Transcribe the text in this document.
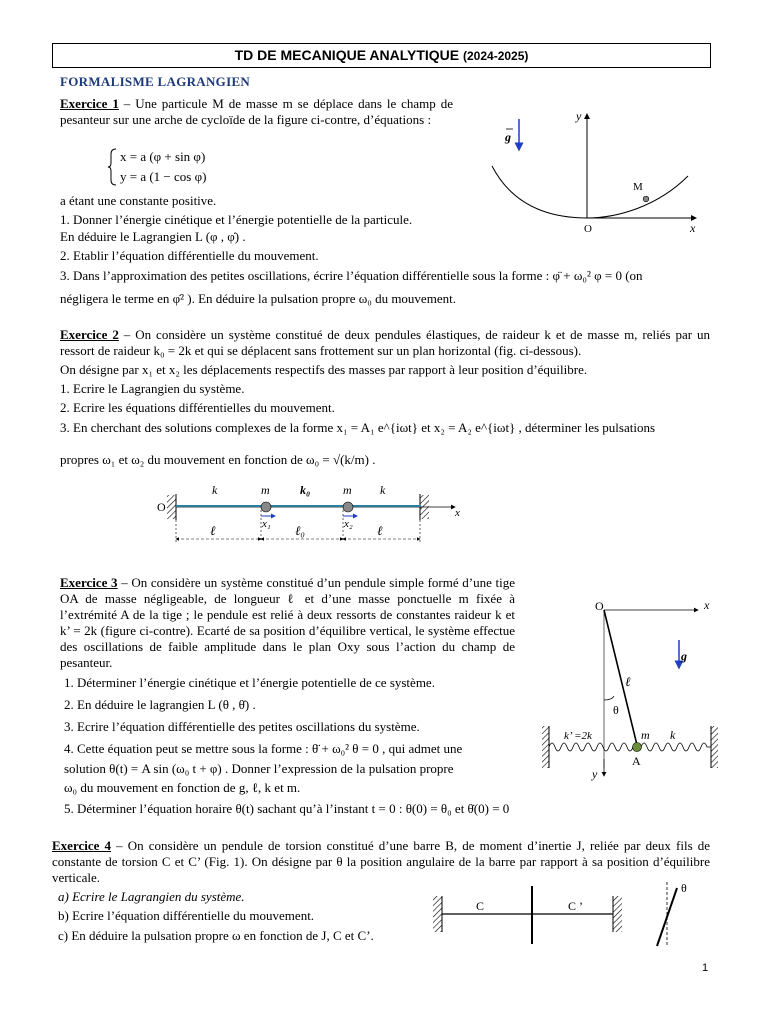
TD DE MECANIQUE ANALYTIQUE (2024-2025)
FORMALISME LAGRANGIEN
Exercice 1 – Une particule M de masse m se déplace dans le champ de pesanteur sur une arche de cycloïde de la figure ci-contre, d’équations :
x = a (φ + sin φ)
y = a (1 − cos φ)
a étant une constante positive.
1. Donner l’énergie cinétique et l’énergie potentielle de la particule.
En déduire le Lagrangien L (φ , φ̇) .
2. Etablir l’équation différentielle du mouvement.
3. Dans l’approximation des petites oscillations, écrire l’équation différentielle sous la forme : φ̈ + ω₀² φ = 0 (on
négligera le terme en φ̇² ). En déduire la pulsation propre ω₀ du mouvement.
y
x
O
M
g
Exercice 2 – On considère un système constitué de deux pendules élastiques, de raideur k et de masse m, reliés par un ressort de raideur k₀ = 2k et qui se déplacent sans frottement sur un plan horizontal (fig. ci-dessous).
On désigne par x₁ et x₂ les déplacements respectifs des masses par rapport à leur position d’équilibre.
1. Ecrire le Lagrangien du système.
2. Ecrire les équations différentielles du mouvement.
3. En cherchant des solutions complexes de la forme x₁ = A₁ e^{iωt} et x₂ = A₂ e^{iωt} , déterminer les pulsations
propres ω₁ et ω₂ du mouvement en fonction de ω₀ = √(k/m) .
k	m	k₀	m k
O	x
x₁	x₂
ℓ	ℓ₀	ℓ
Exercice 3 – On considère un système constitué d’un pendule simple formé d’une tige OA de masse négligeable, de longueur ℓ et d’une masse ponctuelle m fixée à l’extrémité A de la tige ; le pendule est relié à deux ressorts de constantes raideur k et k’ = 2k (figure ci-contre). Ecarté de sa position d’équilibre vertical, le système effectue des oscillations de faible amplitude dans le plan Oxy sous l’action du champ de pesanteur.
1. Déterminer l’énergie cinétique et l’énergie potentielle de ce système.
2. En déduire le lagrangien L (θ , θ̇) .
3. Ecrire l’équation différentielle des petites oscillations du système.
4. Cette équation peut se mettre sous la forme : θ̈ + ω₀² θ = 0 , qui admet une
solution θ(t) = A sin (ω₀ t + φ) . Donner l’expression de la pulsation propre
ω₀ du mouvement en fonction de g, ℓ, k et m.
5. Déterminer l’équation horaire θ(t) sachant qu’à l’instant t = 0 : θ(0) = θ₀ et θ̇(0) = 0
O	x
θ
ℓ
g
k’ =2k	m k
A
y
Exercice 4 – On considère un pendule de torsion constitué d’une barre B, de moment d’inertie J, reliée par deux fils de constante de torsion C et C’ (Fig. 1). On désigne par θ la position angulaire de la barre par rapport à sa position d’équilibre verticale.
a) Ecrire le Lagrangien du système.
b) Ecrire l’équation différentielle du mouvement.
c) En déduire la pulsation propre ω en fonction de J, C et C’.
C	C ’
θ
1
